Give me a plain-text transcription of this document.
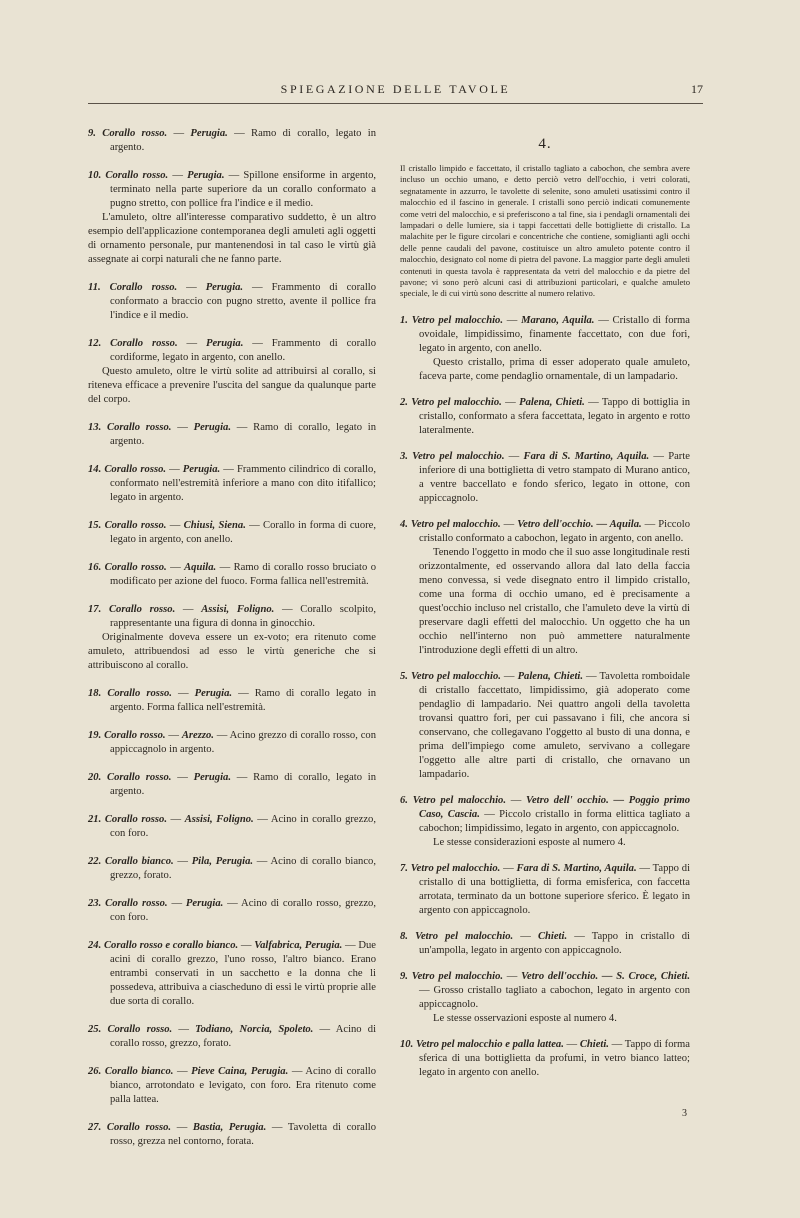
SPIEGAZIONE DELLE TAVOLE	17

9. Corallo rosso. — Perugia. — Ramo di corallo, legato in argento.

10. Corallo rosso. — Perugia. — Spillone ensiforme in argento, terminato nella parte superiore da un corallo conformato a pugno stretto, con pollice fra l'indice e il medio.

L'amuleto, oltre all'interesse comparativo suddetto, è un altro esempio dell'applicazione contemporanea degli amuleti agli oggetti di ornamento personale, pur mantenendosi in tal caso le virtù già assegnate ai corpi naturali che ne fanno parte.

11. Corallo rosso. — Perugia. — Frammento di corallo conformato a braccio con pugno stretto, avente il pollice fra l'indice e il medio.

12. Corallo rosso. — Perugia. — Frammento di corallo cordiforme, legato in argento, con anello.

Questo amuleto, oltre le virtù solite ad attribuirsi al corallo, si riteneva efficace a prevenire l'uscita del sangue da qualunque parte del corpo.

13. Corallo rosso. — Perugia. — Ramo di corallo, legato in argento.

14. Corallo rosso. — Perugia. — Frammento cilindrico di corallo, conformato nell'estremità inferiore a mano con dito itifallico; legato in argento.

15. Corallo rosso. — Chiusi, Siena. — Corallo in forma di cuore, legato in argento, con anello.

16. Corallo rosso. — Aquila. — Ramo di corallo rosso bruciato o modificato per azione del fuoco. Forma fallica nell'estremità.

17. Corallo rosso. — Assisi, Foligno. — Corallo scolpito, rappresentante una figura di donna in ginocchio.

Originalmente doveva essere un ex-voto; era ritenuto come amuleto, attribuendosi ad esso le virtù generiche che si attribuiscono al corallo.

18. Corallo rosso. — Perugia. — Ramo di corallo legato in argento. Forma fallica nell'estremità.

19. Corallo rosso. — Arezzo. — Acino grezzo di corallo rosso, con appiccagnolo in argento.

20. Corallo rosso. — Perugia. — Ramo di corallo, legato in argento.

21. Corallo rosso. — Assisi, Foligno. — Acino in corallo grezzo, con foro.

22. Corallo bianco. — Pila, Perugia. — Acino di corallo bianco, grezzo, forato.

23. Corallo rosso. — Perugia. — Acino di corallo rosso, grezzo, con foro.

24. Corallo rosso e corallo bianco. — Valfabrica, Perugia. — Due acini di corallo grezzo, l'uno rosso, l'altro bianco. Erano entrambi conservati in un sacchetto e la donna che li possedeva, attribuiva a ciascheduno di essi le virtù proprie alle due sorta di corallo.

25. Corallo rosso. — Todiano, Norcia, Spoleto. — Acino di corallo rosso, grezzo, forato.

26. Corallo bianco. — Pieve Caina, Perugia. — Acino di corallo bianco, arrotondato e levigato, con foro. Era ritenuto come palla lattea.

27. Corallo rosso. — Bastia, Perugia. — Tavoletta di corallo rosso, grezza nel contorno, forata.

4.

Il cristallo limpido e faccettato, il cristallo tagliato a cabochon, che sembra avere incluso un occhio umano, e detto perciò vetro dell'occhio, i vetri colorati, segnatamente in azzurro, le tavolette di selenite, sono amuleti usatissimi contro il malocchio ed il fascino in generale. I cristalli sono perciò indicati comunemente come vetri del malocchio, e si preferiscono a tal fine, sia i pendagli ornamentali dei lampadari o delle lumiere, sia i tappi faccettati delle bottigliette di cristallo. La malachite per le figure circolari e concentriche che contiene, somiglianti agli occhi delle penne caudali del pavone, costituisce un altro amuleto potente contro il malocchio, designato col nome di pietra del pavone. La maggior parte degli amuleti contenuti in questa tavola è rappresentata da vetri del malocchio e da pietre del pavone; vi sono però alcuni casi di attribuzioni particolari, e qualche amuleto speciale, le di cui virtù sono descritte al numero relativo.

1. Vetro pel malocchio. — Marano, Aquila. — Cristallo di forma ovoidale, limpidissimo, finamente faccettato, con due fori, legato in argento, con anello.

Questo cristallo, prima di esser adoperato quale amuleto, faceva parte, come pendaglio ornamentale, di un lampadario.

2. Vetro pel malocchio. — Palena, Chieti. — Tappo di bottiglia in cristallo, conformato a sfera faccettata, legato in argento e rotto lateralmente.

3. Vetro pel malocchio. — Fara di S. Martino, Aquila. — Parte inferiore di una bottiglietta di vetro stampato di Murano antico, a ventre baccellato e fondo sferico, legato in ottone, con appiccagnolo.

4. Vetro pel malocchio. — Vetro dell'occhio. — Aquila. — Piccolo cristallo conformato a cabochon, legato in argento, con anello.

Tenendo l'oggetto in modo che il suo asse longitudinale resti orizzontalmente, ed osservando allora dal lato della faccia meno convessa, si vede disegnato entro il limpido cristallo, come una forma di occhio umano, ed è precisamente a quest'occhio incluso nel cristallo, che l'amuleto deve la virtù di preservare dagli effetti del malocchio. Un oggetto che ha un occhio nell'interno non può ammettere naturalmente l'introduzione degli effetti di un altro.

5. Vetro pel malocchio. — Palena, Chieti. — Tavoletta romboidale di cristallo faccettato, limpidissimo, già adoperato come pendaglio di lampadario. Nei quattro angoli della tavoletta trovansi quattro fori, per cui passavano i fili, che ancora si conservano, che collegavano l'oggetto al busto di una donna, e prima dell'impiego come amuleto, servivano a collegare l'oggetto alle altre parti di cristallo, che ornavano un lampadario.

6. Vetro pel malocchio. — Vetro dell' occhio. — Poggio primo Caso, Cascia. — Piccolo cristallo in forma elittica tagliato a cabochon; limpidissimo, legato in argento, con appiccagnolo.

Le stesse considerazioni esposte al numero 4.

7. Vetro pel malocchio. — Fara di S. Martino, Aquila. — Tappo di cristallo di una bottiglietta, di forma emisferica, con faccetta arrotata, terminato da un bottone superiore sferico. È legato in argento con appiccagnolo.

8. Vetro pel malocchio. — Chieti. — Tappo in cristallo di un'ampolla, legato in argento con appiccagnolo.

9. Vetro pel malocchio. — Vetro dell'occhio. — S. Croce, Chieti. — Grosso cristallo tagliato a cabochon, legato in argento con appiccagnolo.

Le stesse osservazioni esposte al numero 4.

10. Vetro pel malocchio e palla lattea. — Chieti. — Tappo di forma sferica di una bottiglietta da profumi, in vetro bianco latteo; legato in argento con anello.

3
